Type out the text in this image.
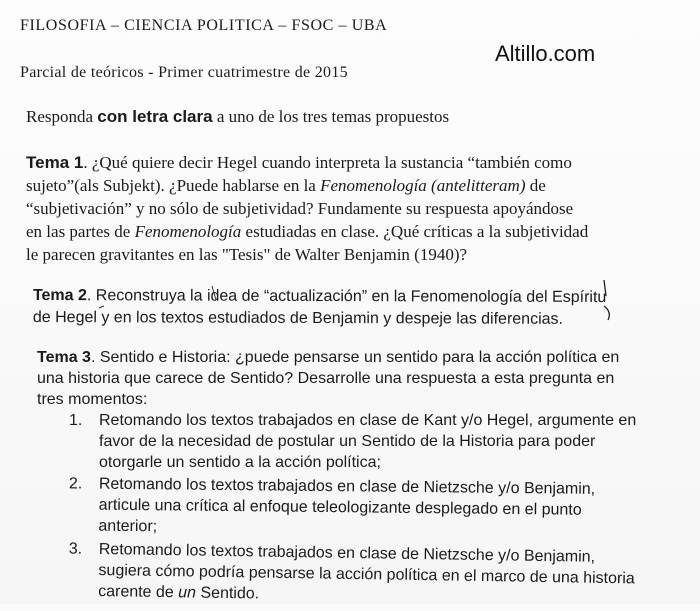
FILOSOFIA – CIENCIA POLITICA – FSOC – UBA
Altillo.com
Parcial de teóricos - Primer cuatrimestre de 2015
Responda con letra clara a uno de los tres temas propuestos
Tema 1. ¿Qué quiere decir Hegel cuando interpreta la sustancia “también como
sujeto”(als Subjekt). ¿Puede hablarse en la Fenomenología (antelitteram) de
“subjetivación” y no sólo de subjetividad? Fundamente su respuesta apoyándose
en las partes de Fenomenología estudiadas en clase. ¿Qué críticas a la subjetividad
le parecen gravitantes en las "Tesis" de Walter Benjamin (1940)?
Tema 2. Reconstruya la idea de “actualización” en la Fenomenología del Espíritu
de Hegel y en los textos estudiados de Benjamin y despeje las diferencias.
Tema 3. Sentido e Historia: ¿puede pensarse un sentido para la acción política en
una historia que carece de Sentido? Desarrolle una respuesta a esta pregunta en
tres momentos:
1. Retomando los textos trabajados en clase de Kant y/o Hegel, argumente en
favor de la necesidad de postular un Sentido de la Historia para poder
otorgarle un sentido a la acción política;
2. Retomando los textos trabajados en clase de Nietzsche y/o Benjamin,
articule una crítica al enfoque teleologizante desplegado en el punto
anterior;
3. Retomando los textos trabajados en clase de Nietzsche y/o Benjamin,
sugiera cómo podría pensarse la acción política en el marco de una historia
carente de un Sentido.
